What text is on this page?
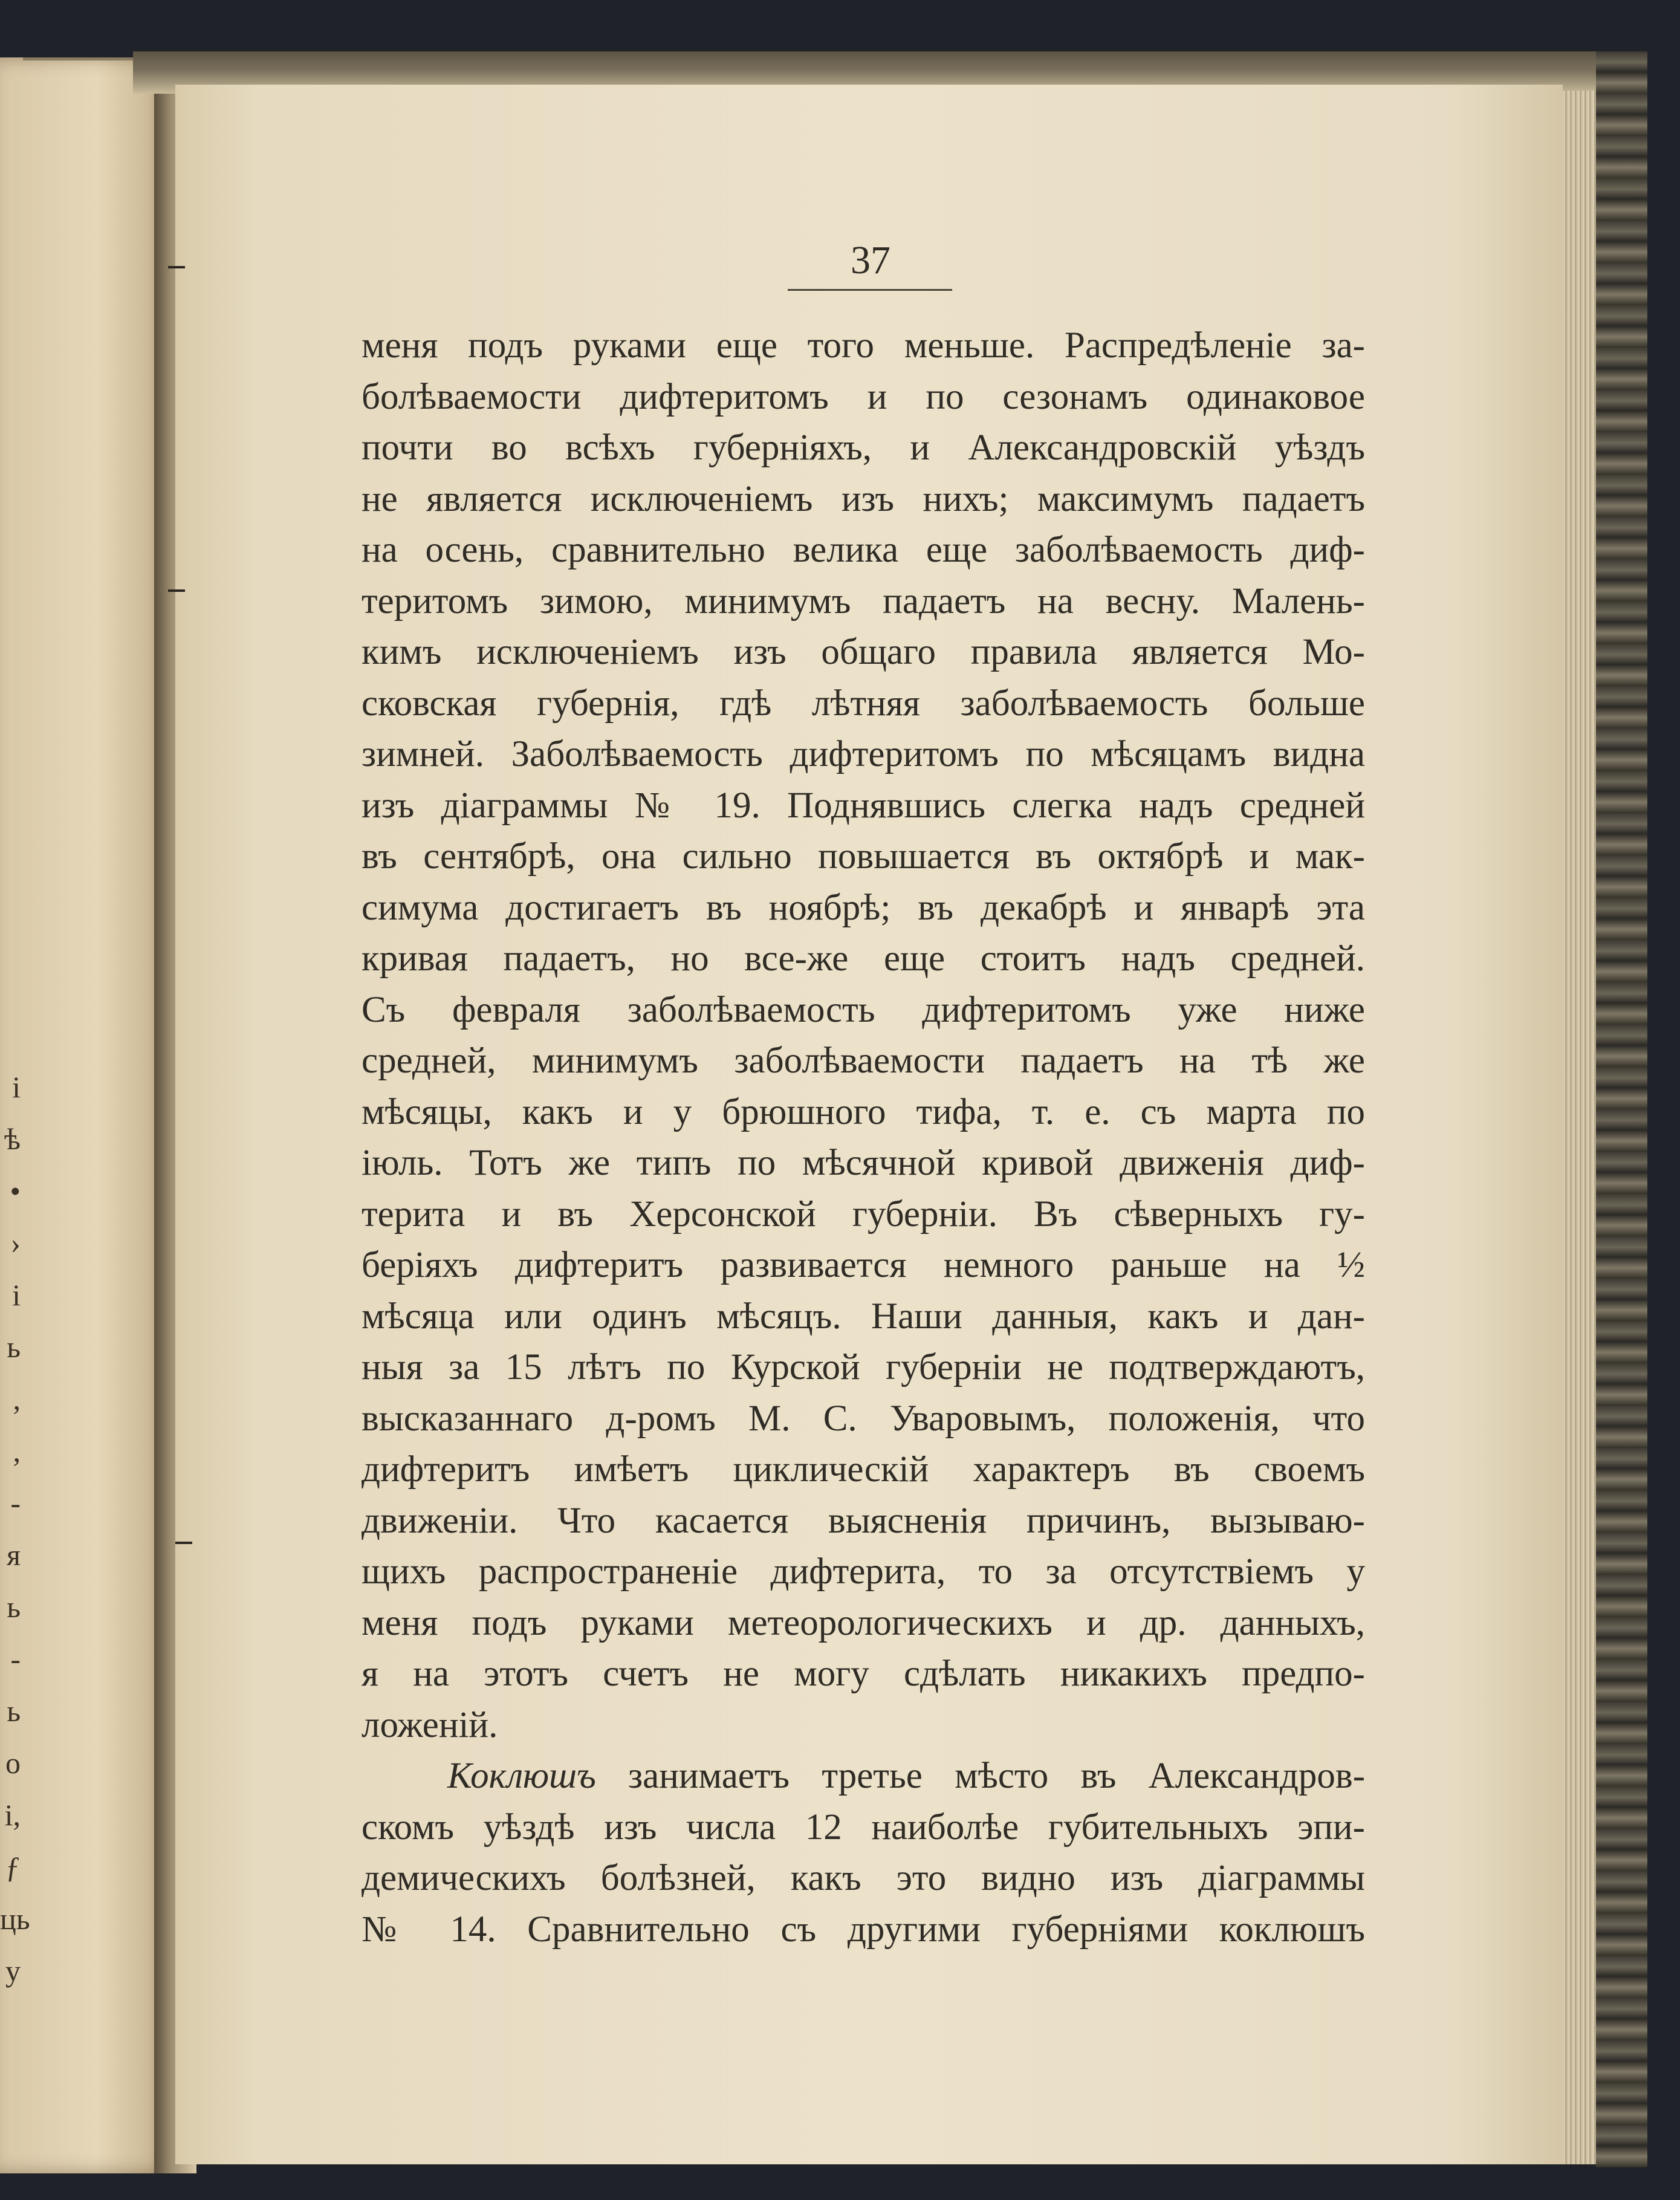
і
ѣ
•
›
і
ь
,
,
-
я
ь
-
ь
о
і,
ƒ
ць
у
37
меня подъ руками еще того меньше. Распредѣленіе за-
болѣваемости дифтеритомъ и по сезонамъ одинаковое
почти во всѣхъ губерніяхъ, и Александровскій уѣздъ
не является исключеніемъ изъ нихъ; максимумъ падаетъ
на осень, сравнительно велика еще заболѣваемость диф-
теритомъ зимою, минимумъ падаетъ на весну. Малень-
кимъ исключеніемъ изъ общаго правила является Мо-
сковская губернія, гдѣ лѣтняя заболѣваемость больше
зимней. Заболѣваемость дифтеритомъ по мѣсяцамъ видна
изъ діаграммы № 19. Поднявшись слегка надъ средней
въ сентябрѣ, она сильно повышается въ октябрѣ и мак-
симума достигаетъ въ ноябрѣ; въ декабрѣ и январѣ эта
кривая падаетъ, но все-же еще стоитъ надъ средней.
Съ февраля заболѣваемость дифтеритомъ уже ниже
средней, минимумъ заболѣваемости падаетъ на тѣ же
мѣсяцы, какъ и у брюшного тифа, т. е. съ марта по
іюль. Тотъ же типъ по мѣсячной кривой движенія диф-
терита и въ Херсонской губерніи. Въ сѣверныхъ гу-
беріяхъ дифтеритъ развивается немного раньше на ½
мѣсяца или одинъ мѣсяцъ. Наши данныя, какъ и дан-
ныя за 15 лѣтъ по Курской губерніи не подтверждаютъ,
высказаннаго д-ромъ М. С. Уваровымъ, положенія, что
дифтеритъ имѣетъ циклическій характеръ въ своемъ
движеніи. Что касается выясненія причинъ, вызываю-
щихъ распространеніе дифтерита, то за отсутствіемъ у
меня подъ руками метеорологическихъ и др. данныхъ,
я на этотъ счетъ не могу сдѣлать никакихъ предпо-
ложеній.
Коклюшъ занимаетъ третье мѣсто въ Александров-
скомъ уѣздѣ изъ числа 12 наиболѣе губительныхъ эпи-
демическихъ болѣзней, какъ это видно изъ діаграммы
№ 14. Сравнительно съ другими губерніями коклюшъ
